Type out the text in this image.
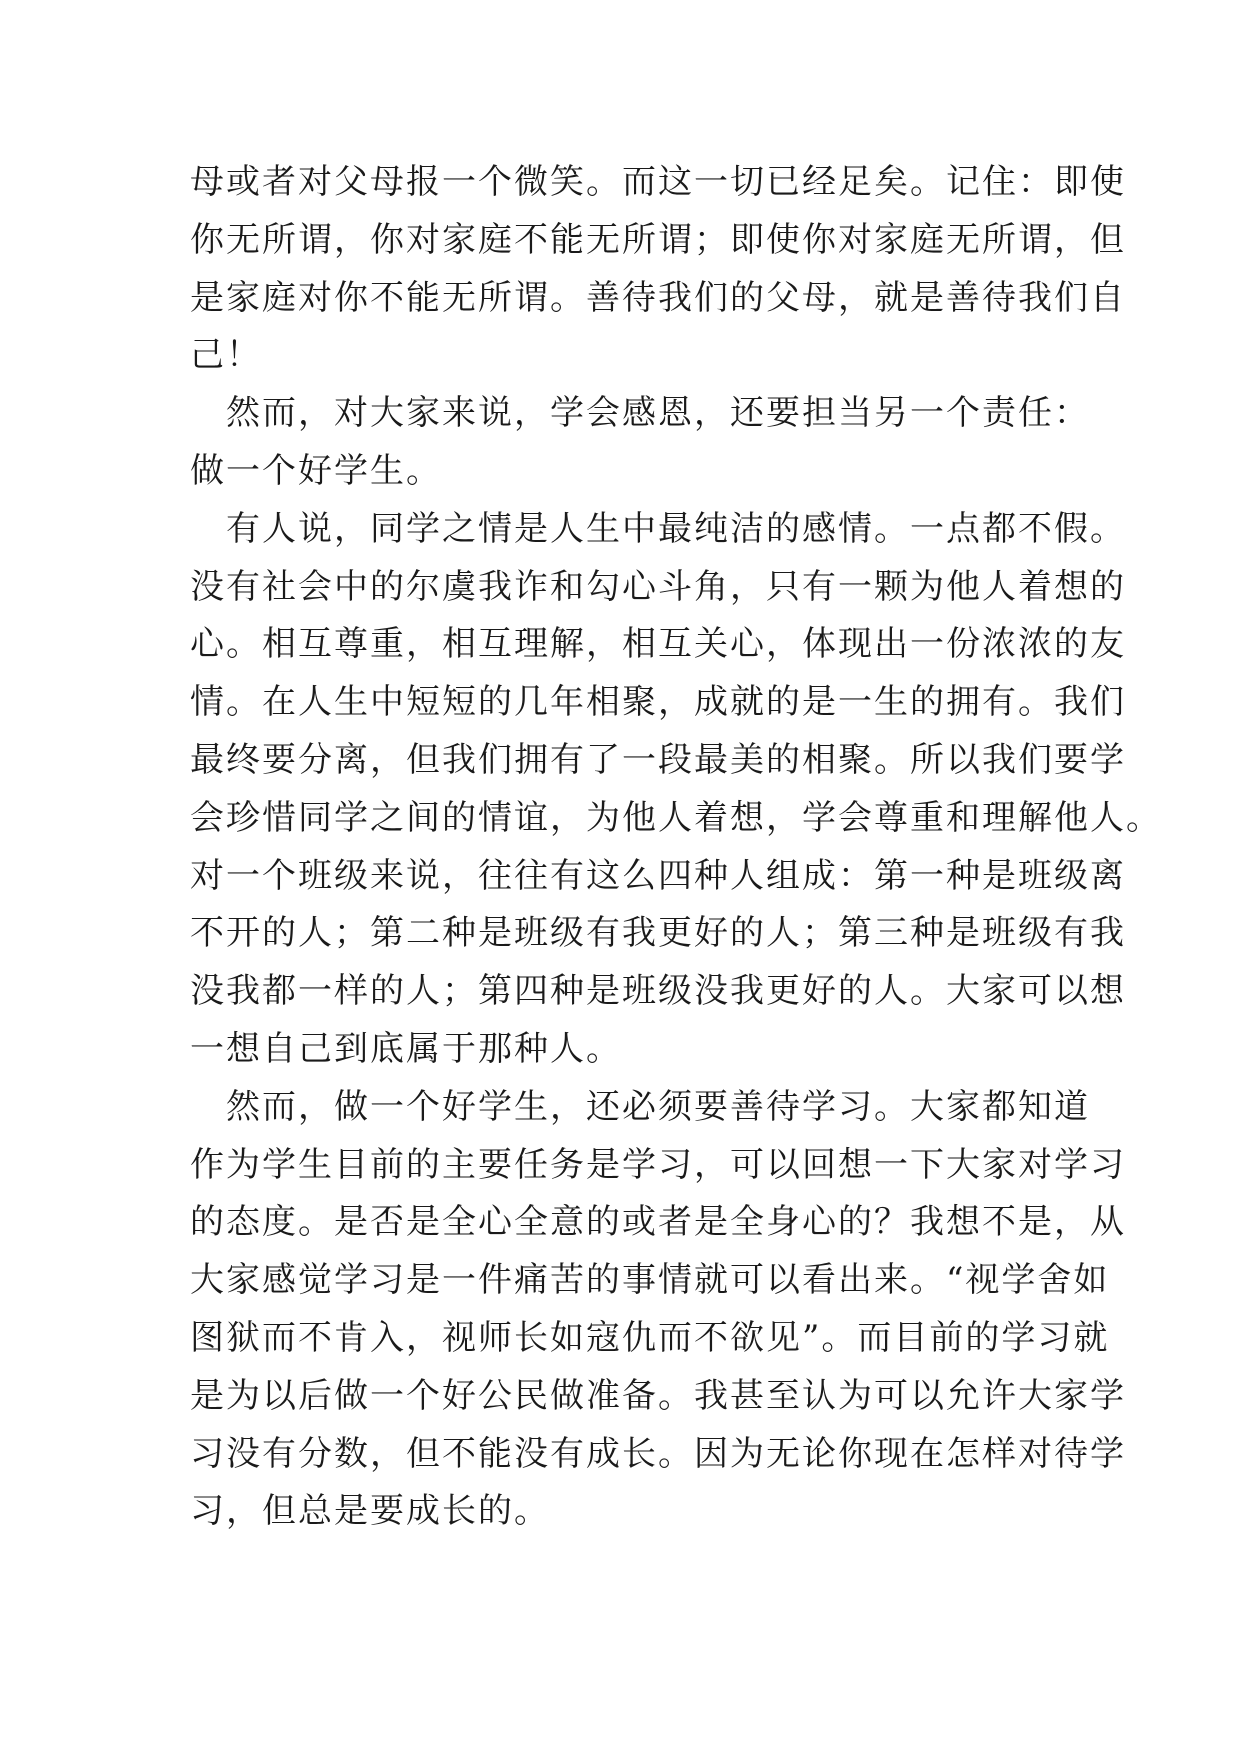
母或者对父母报一个微笑。而这一切已经足矣。记住：即使
你无所谓，你对家庭不能无所谓；即使你对家庭无所谓，但
是家庭对你不能无所谓。善待我们的父母，就是善待我们自
己！
　然而，对大家来说，学会感恩，还要担当另一个责任：
做一个好学生。
　有人说，同学之情是人生中最纯洁的感情。一点都不假。
没有社会中的尔虞我诈和勾心斗角，只有一颗为他人着想的
心。相互尊重，相互理解，相互关心，体现出一份浓浓的友
情。在人生中短短的几年相聚，成就的是一生的拥有。我们
最终要分离，但我们拥有了一段最美的相聚。所以我们要学
会珍惜同学之间的情谊，为他人着想，学会尊重和理解他人。
对一个班级来说，往往有这么四种人组成：第一种是班级离
不开的人；第二种是班级有我更好的人；第三种是班级有我
没我都一样的人；第四种是班级没我更好的人。大家可以想
一想自己到底属于那种人。
　然而，做一个好学生，还必须要善待学习。大家都知道
作为学生目前的主要任务是学习，可以回想一下大家对学习
的态度。是否是全心全意的或者是全身心的？我想不是，从
大家感觉学习是一件痛苦的事情就可以看出来。“视学舍如
图狱而不肯入，视师长如寇仇而不欲见”。而目前的学习就
是为以后做一个好公民做准备。我甚至认为可以允许大家学
习没有分数，但不能没有成长。因为无论你现在怎样对待学
习，但总是要成长的。
